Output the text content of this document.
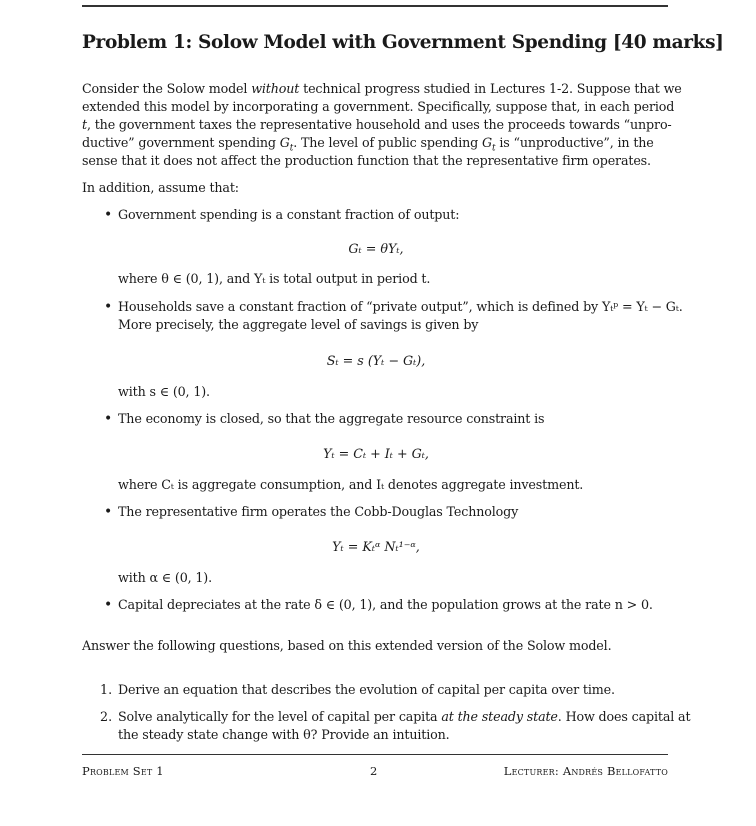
Problem 1: Solow Model with Government Spending [40 marks]
Consider the Solow model without technical progress studied in Lectures 1-2. Suppose that we
extended this model by incorporating a government. Specifically, suppose that, in each period
t, the government taxes the representative household and uses the proceeds towards “unpro-
ductive” government spending $G_t$. The level of public spending $G_t$ is “unproductive”, in the
sense that it does not affect the production function that the representative firm operates.
In addition, assume that:
• Government spending is a constant fraction of output:
Gₜ = θYₜ,
where θ ∈ (0, 1), and Yₜ is total output in period t.
• Households save a constant fraction of “private output”, which is defined by Yₜᵖ = Yₜ − Gₜ.
More precisely, the aggregate level of savings is given by
Sₜ = s (Yₜ − Gₜ),
with s ∈ (0, 1).
• The economy is closed, so that the aggregate resource constraint is
Yₜ = Cₜ + Iₜ + Gₜ,
where Cₜ is aggregate consumption, and Iₜ denotes aggregate investment.
• The representative firm operates the Cobb-Douglas Technology
Yₜ = Kₜᵅ Nₜ¹⁻ᵅ,
with α ∈ (0, 1).
• Capital depreciates at the rate δ ∈ (0, 1), and the population grows at the rate n > 0.
Answer the following questions, based on this extended version of the Solow model.
1. Derive an equation that describes the evolution of capital per capita over time.
2. Solve analytically for the level of capital per capita at the steady state. How does capital at
the steady state change with θ? Provide an intuition.
Problem Set 1	2	Lecturer: Andrés Bellofatto
